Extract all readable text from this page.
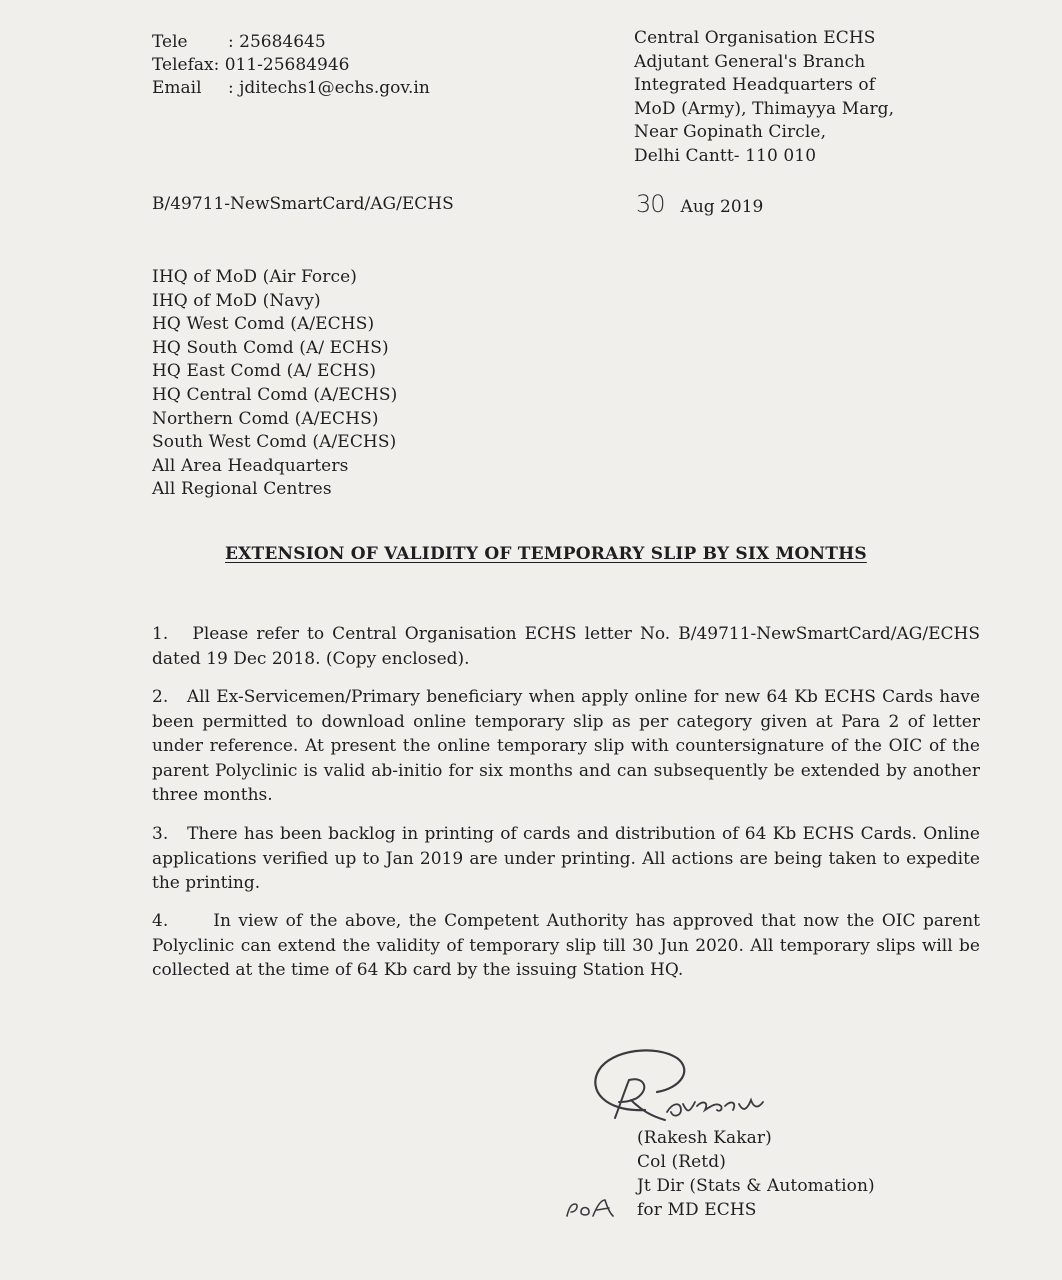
Tele	: 25684645
Telefax : 011-25684946
Email	: jditechs1@echs.gov.in
Central Organisation ECHS
Adjutant General's Branch
Integrated Headquarters of
MoD (Army), Thimayya Marg,
Near Gopinath Circle,
Delhi Cantt- 110 010
B/49711-NewSmartCard/AG/ECHS	30 Aug 2019
IHQ of MoD (Air Force)
IHQ of MoD (Navy)
HQ West Comd (A/ECHS)
HQ South Comd (A/ ECHS)
HQ East Comd (A/ ECHS)
HQ Central Comd (A/ECHS)
Northern Comd (A/ECHS)
South West Comd (A/ECHS)
All Area Headquarters
All Regional Centres
EXTENSION OF VALIDITY OF TEMPORARY SLIP BY SIX MONTHS
1. Please refer to Central Organisation ECHS letter No. B/49711-NewSmartCard/AG/ECHS dated 19 Dec 2018. (Copy enclosed).
2. All Ex-Servicemen/Primary beneficiary when apply online for new 64 Kb ECHS Cards have been permitted to download online temporary slip as per category given at Para 2 of letter under reference. At present the online temporary slip with countersignature of the OIC of the parent Polyclinic is valid ab-initio for six months and can subsequently be extended by another three months.
3. There has been backlog in printing of cards and distribution of 64 Kb ECHS Cards. Online applications verified up to Jan 2019 are under printing. All actions are being taken to expedite the printing.
4.	In view of the above, the Competent Authority has approved that now the OIC parent Polyclinic can extend the validity of temporary slip till 30 Jun 2020. All temporary slips will be collected at the time of 64 Kb card by the issuing Station HQ.
(Rakesh Kakar)
Col (Retd)
Jt Dir (Stats & Automation)
for MD ECHS
